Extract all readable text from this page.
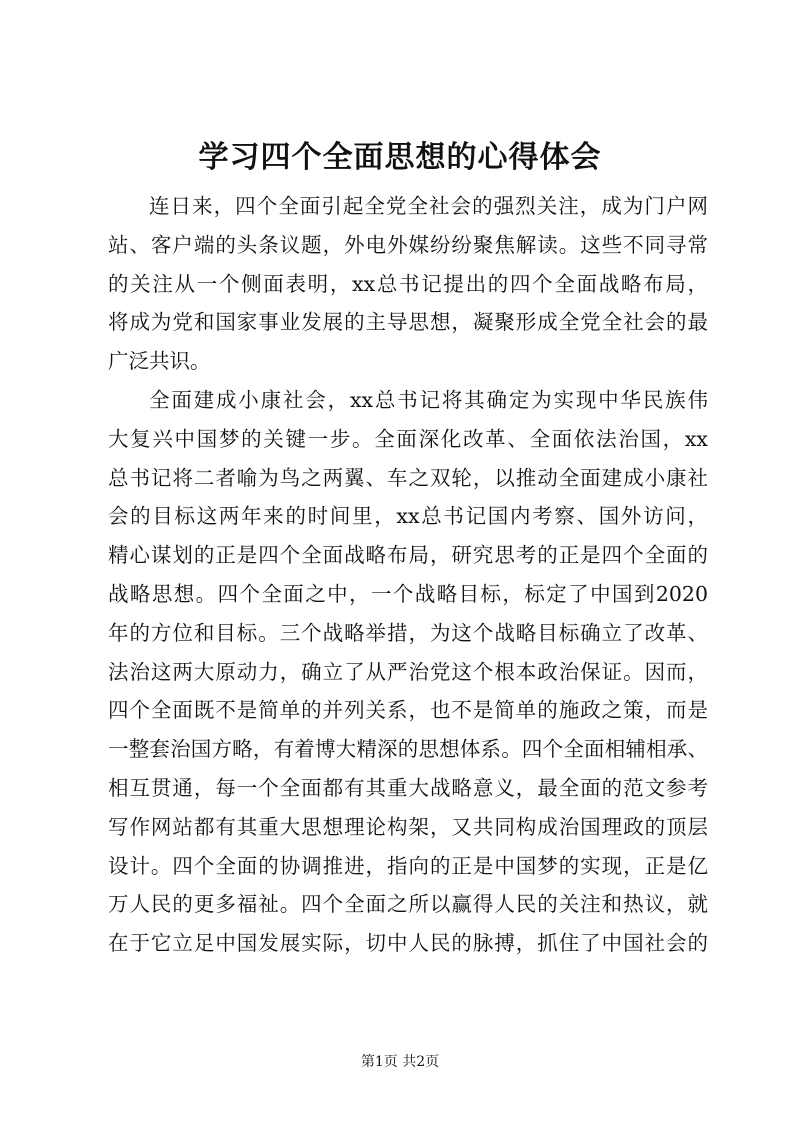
学习四个全面思想的心得体会
连日来，四个全面引起全党全社会的强烈关注，成为门户网
站、客户端的头条议题，外电外媒纷纷聚焦解读。这些不同寻常
的关注从一个侧面表明，xx总书记提出的四个全面战略布局，
将成为党和国家事业发展的主导思想，凝聚形成全党全社会的最
广泛共识。
全面建成小康社会，xx总书记将其确定为实现中华民族伟
大复兴中国梦的关键一步。全面深化改革、全面依法治国，xx
总书记将二者喻为鸟之两翼、车之双轮，以推动全面建成小康社
会的目标这两年来的时间里，xx总书记国内考察、国外访问，
精心谋划的正是四个全面战略布局，研究思考的正是四个全面的
战略思想。四个全面之中，一个战略目标，标定了中国到2020
年的方位和目标。三个战略举措，为这个战略目标确立了改革、
法治这两大原动力，确立了从严治党这个根本政治保证。因而，
四个全面既不是简单的并列关系，也不是简单的施政之策，而是
一整套治国方略，有着博大精深的思想体系。四个全面相辅相承、
相互贯通，每一个全面都有其重大战略意义，最全面的范文参考
写作网站都有其重大思想理论构架，又共同构成治国理政的顶层
设计。四个全面的协调推进，指向的正是中国梦的实现，正是亿
万人民的更多福祉。四个全面之所以赢得人民的关注和热议，就
在于它立足中国发展实际，切中人民的脉搏，抓住了中国社会的
第1页 共2页
